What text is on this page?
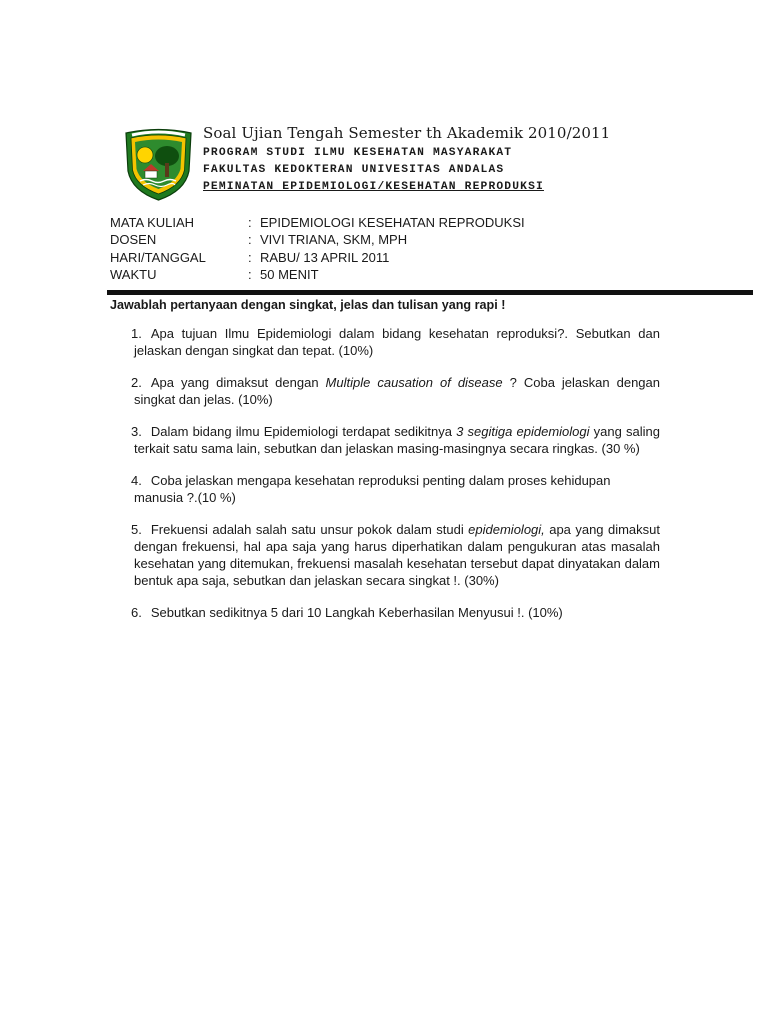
Soal Ujian Tengah Semester th Akademik 2010/2011
PROGRAM STUDI ILMU KESEHATAN MASYARAKAT
FAKULTAS KEDOKTERAN UNIVESITAS ANDALAS
PEMINATAN EPIDEMIOLOGI/KESEHATAN REPRODUKSI
MATA KULIAH	: EPIDEMIOLOGI KESEHATAN REPRODUKSI
DOSEN	: VIVI TRIANA, SKM, MPH
HARI/TANGGAL	: RABU/ 13 APRIL 2011
WAKTU	: 50 MENIT
Jawablah pertanyaan dengan singkat, jelas dan tulisan yang rapi !

1. Apa tujuan Ilmu Epidemiologi dalam bidang kesehatan reproduksi?. Sebutkan dan jelaskan dengan singkat dan tepat. (10%)

2. Apa yang dimaksut dengan Multiple causation of disease ? Coba jelaskan dengan singkat dan jelas. (10%)

3. Dalam bidang ilmu Epidemiologi terdapat sedikitnya 3 segitiga epidemiologi yang saling terkait satu sama lain, sebutkan dan jelaskan masing-masingnya secara ringkas. (30 %)

4. Coba jelaskan mengapa kesehatan reproduksi penting dalam proses kehidupan manusia ?.(10 %)

5. Frekuensi adalah salah satu unsur pokok dalam studi epidemiologi, apa yang dimaksut dengan frekuensi, hal apa saja yang harus diperhatikan dalam pengukuran atas masalah kesehatan yang ditemukan, frekuensi masalah kesehatan tersebut dapat dinyatakan dalam bentuk apa saja, sebutkan dan jelaskan secara singkat !. (30%)

6. Sebutkan sedikitnya 5 dari 10 Langkah Keberhasilan Menyusui !. (10%)
